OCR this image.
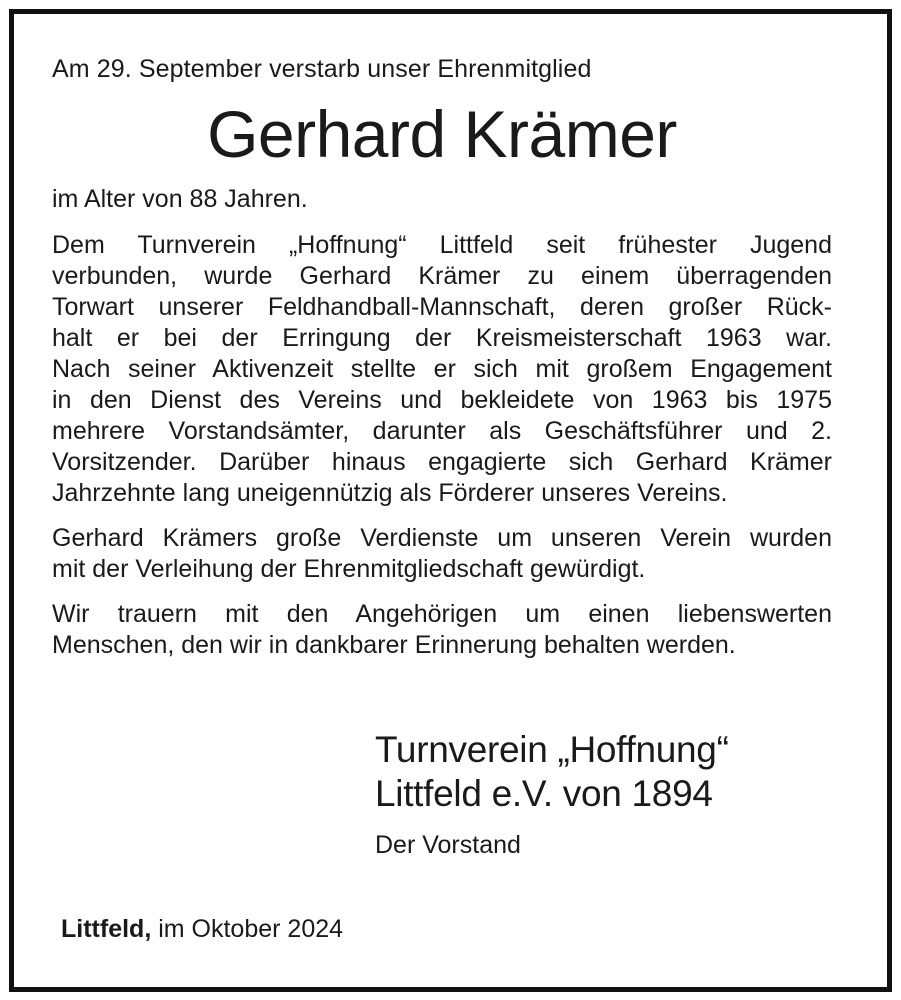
Am 29. September verstarb unser Ehrenmitglied

Gerhard Krämer

im Alter von 88 Jahren.

Dem Turnverein „Hoffnung“ Littfeld seit frühester Jugend
verbunden, wurde Gerhard Krämer zu einem überragenden
Torwart unserer Feldhandball-Mannschaft, deren großer Rück-
halt er bei der Erringung der Kreismeisterschaft 1963 war.
Nach seiner Aktivenzeit stellte er sich mit großem Engagement
in den Dienst des Vereins und bekleidete von 1963 bis 1975
mehrere Vorstandsämter, darunter als Geschäftsführer und 2.
Vorsitzender. Darüber hinaus engagierte sich Gerhard Krämer
Jahrzehnte lang uneigennützig als Förderer unseres Vereins.

Gerhard Krämers große Verdienste um unseren Verein wurden
mit der Verleihung der Ehrenmitgliedschaft gewürdigt.

Wir trauern mit den Angehörigen um einen liebenswerten
Menschen, den wir in dankbarer Erinnerung behalten werden.

Turnverein „Hoffnung“
Littfeld e.V. von 1894
Der Vorstand
Littfeld, im Oktober 2024
